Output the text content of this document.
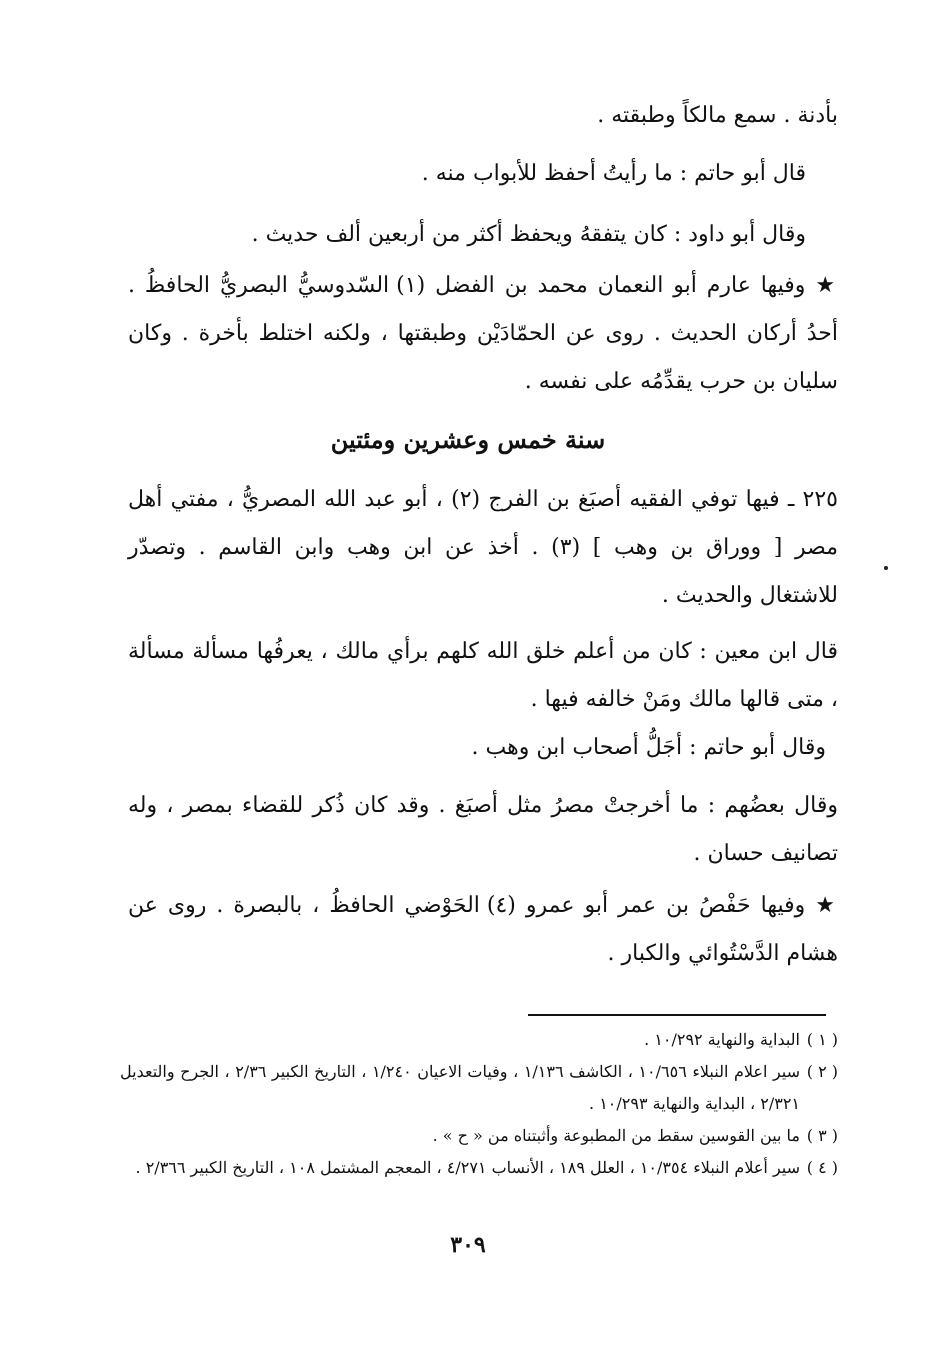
بأدنة . سمع مالكاً وطبقته .

قال أبو حاتم : ما رأيتُ أحفظ للأبواب منه .

وقال أبو داود : كان يتفقهُ ويحفظ أكثر من أربعين ألف حديث .

★ وفيها عارم أبو النعمان محمد بن الفضل (١) السّدوسيُّ البصريُّ الحافظُ . أحدُ أركان الحديث . روى عن الحمّادَيْن وطبقتها ، ولكنه اختلط بأخرة . وكان سليان بن حرب يقدِّمُه على نفسه .

سنة خمس وعشرين ومئتين

٢٢٥ ـ فيها توفي الفقيه أصبَغ بن الفرج (٢) ، أبو عبد الله المصريُّ ، مفتي أهل مصر [ ووراق بن وهب ] (٣) . أخذ عن ابن وهب وابن القاسم . وتصدّر للاشتغال والحديث .

قال ابن معين : كان من أعلم خلق الله كلهم برأي مالك ، يعرفُها مسألة مسألة ، متى قالها مالك ومَنْ خالفه فيها .

وقال أبو حاتم : أجَلُّ أصحاب ابن وهب .

وقال بعضُهم : ما أخرجتْ مصرُ مثل أصبَغ . وقد كان ذُكر للقضاء بمصر ، وله تصانيف حسان .

★ وفيها حَفْصُ بن عمر أبو عمرو (٤) الحَوْضي الحافظُ ، بالبصرة . روى عن هشام الدَّسْتُوائي والكبار .

( ١ )
البداية والنهاية ١٠/٢٩٢ .
( ٢ )
سير اعلام النبلاء ١٠/٦٥٦ ، الكاشف ١/١٣٦ ، وفيات الاعيان ١/٢٤٠ ، التاريخ الكبير ٢/٣٦ ، الجرح والتعديل ٢/٣٢١ ، البداية والنهاية ١٠/٢٩٣ .
( ٣ )
ما بين القوسين سقط من المطبوعة وأثبتناه من « ح » .
( ٤ )
سير أعلام النبلاء ١٠/٣٥٤ ، العلل ١٨٩ ، الأنساب ٤/٢٧١ ، المعجم المشتمل ١٠٨ ، التاريخ الكبير ٢/٣٦٦ .
٣٠٩
